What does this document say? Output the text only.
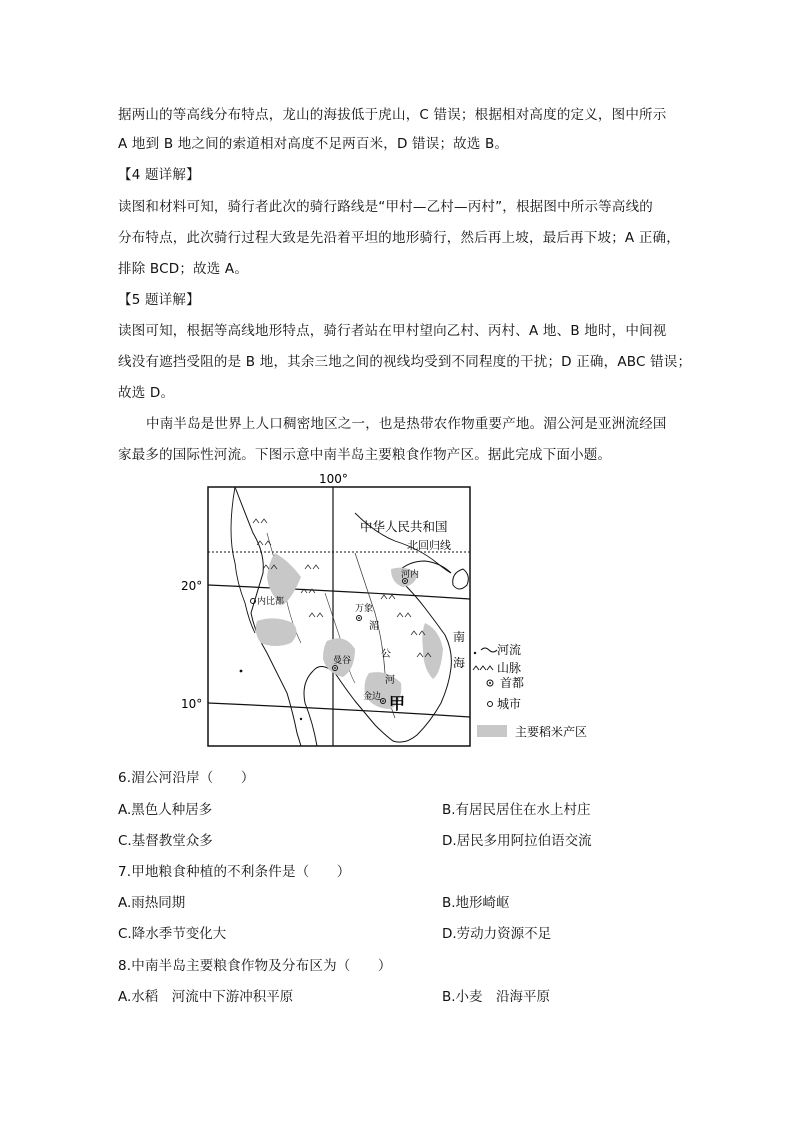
据两山的等高线分布特点，龙山的海拔低于虎山，C 错误；根据相对高度的定义，图中所示
A 地到 B 地之间的索道相对高度不足两百米，D 错误；故选 B。
【4 题详解】
读图和材料可知，骑行者此次的骑行路线是“甲村—乙村—丙村”，根据图中所示等高线的
分布特点，此次骑行过程大致是先沿着平坦的地形骑行，然后再上坡，最后再下坡；A 正确，
排除 BCD；故选 A。
【5 题详解】
读图可知，根据等高线地形特点，骑行者站在甲村望向乙村、丙村、A 地、B 地时，中间视
线没有遮挡受阻的是 B 地，其余三地之间的视线均受到不同程度的干扰；D 正确，ABC 错误；
故选 D。
中南半岛是世界上人口稠密地区之一，也是热带农作物重要产地。湄公河是亚洲流经国
家最多的国际性河流。下图示意中南半岛主要粮食作物产区。据此完成下面小题。
100°
20°
10°
北回归线
中华人民共和国
河内
万象
内比都
曼谷
金边
湄
公
河
南
海
甲
河流
山脉
首都
城市
主要稻米产区
6.湄公河沿岸（　　）
A.黑色人种居多	B.有居民居住在水上村庄
C.基督教堂众多	D.居民多用阿拉伯语交流
7.甲地粮食种植的不利条件是（　　）
A.雨热同期	B.地形崎岖
C.降水季节变化大	D.劳动力资源不足
8.中南半岛主要粮食作物及分布区为（　　）
A.水稻　河流中下游冲积平原	B.小麦　沿海平原
